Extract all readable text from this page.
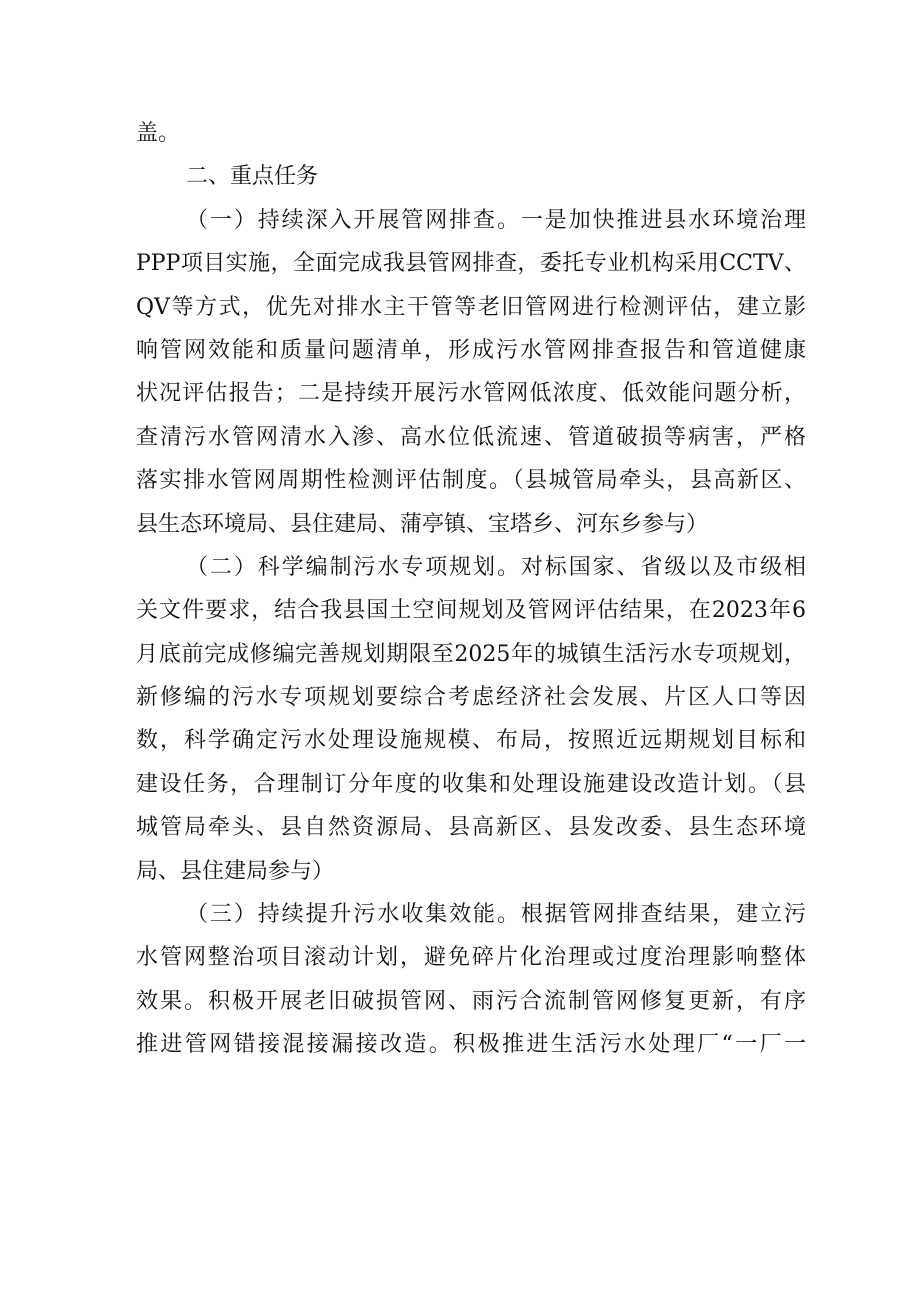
盖。
二、重点任务
（一）持续深入开展管网排查。一是加快推进县水环境治理
PPP项目实施，全面完成我县管网排查，委托专业机构采用CCTV、
QV等方式，优先对排水主干管等老旧管网进行检测评估，建立影
响管网效能和质量问题清单，形成污水管网排查报告和管道健康
状况评估报告；二是持续开展污水管网低浓度、低效能问题分析，
查清污水管网清水入渗、高水位低流速、管道破损等病害，严格
落实排水管网周期性检测评估制度。（县城管局牵头，县高新区、
县生态环境局、县住建局、蒲亭镇、宝塔乡、河东乡参与）
（二）科学编制污水专项规划。对标国家、省级以及市级相
关文件要求，结合我县国土空间规划及管网评估结果，在2023年6
月底前完成修编完善规划期限至2025年的城镇生活污水专项规划，
新修编的污水专项规划要综合考虑经济社会发展、片区人口等因
数，科学确定污水处理设施规模、布局，按照近远期规划目标和
建设任务，合理制订分年度的收集和处理设施建设改造计划。（县
城管局牵头、县自然资源局、县高新区、县发改委、县生态环境
局、县住建局参与）
（三）持续提升污水收集效能。根据管网排查结果，建立污
水管网整治项目滚动计划，避免碎片化治理或过度治理影响整体
效果。积极开展老旧破损管网、雨污合流制管网修复更新，有序
推进管网错接混接漏接改造。积极推进生活污水处理厂“一厂一
